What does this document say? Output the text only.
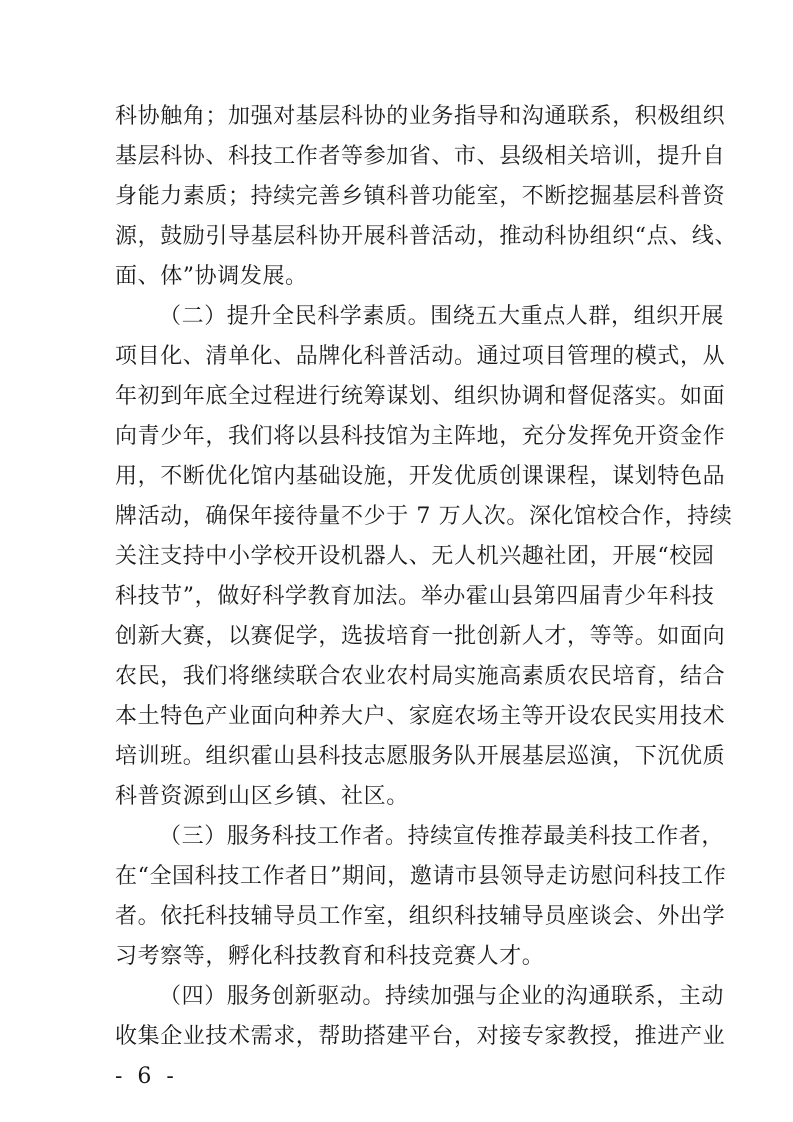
科协触角；加强对基层科协的业务指导和沟通联系，积极组织
基层科协、科技工作者等参加省、市、县级相关培训，提升自
身能力素质；持续完善乡镇科普功能室，不断挖掘基层科普资
源，鼓励引导基层科协开展科普活动，推动科协组织“点、线、
面、体”协调发展。
（二）提升全民科学素质。围绕五大重点人群，组织开展
项目化、清单化、品牌化科普活动。通过项目管理的模式，从
年初到年底全过程进行统筹谋划、组织协调和督促落实。如面
向青少年，我们将以县科技馆为主阵地，充分发挥免开资金作
用，不断优化馆内基础设施，开发优质创课课程，谋划特色品
牌活动，确保年接待量不少于 7 万人次。深化馆校合作，持续
关注支持中小学校开设机器人、无人机兴趣社团，开展“校园
科技节”，做好科学教育加法。举办霍山县第四届青少年科技
创新大赛，以赛促学，选拔培育一批创新人才，等等。如面向
农民，我们将继续联合农业农村局实施高素质农民培育，结合
本土特色产业面向种养大户、家庭农场主等开设农民实用技术
培训班。组织霍山县科技志愿服务队开展基层巡演，下沉优质
科普资源到山区乡镇、社区。
（三）服务科技工作者。持续宣传推荐最美科技工作者，
在“全国科技工作者日”期间，邀请市县领导走访慰问科技工作
者。依托科技辅导员工作室，组织科技辅导员座谈会、外出学
习考察等，孵化科技教育和科技竞赛人才。
（四）服务创新驱动。持续加强与企业的沟通联系，主动
收集企业技术需求，帮助搭建平台，对接专家教授，推进产业
- 6 -
